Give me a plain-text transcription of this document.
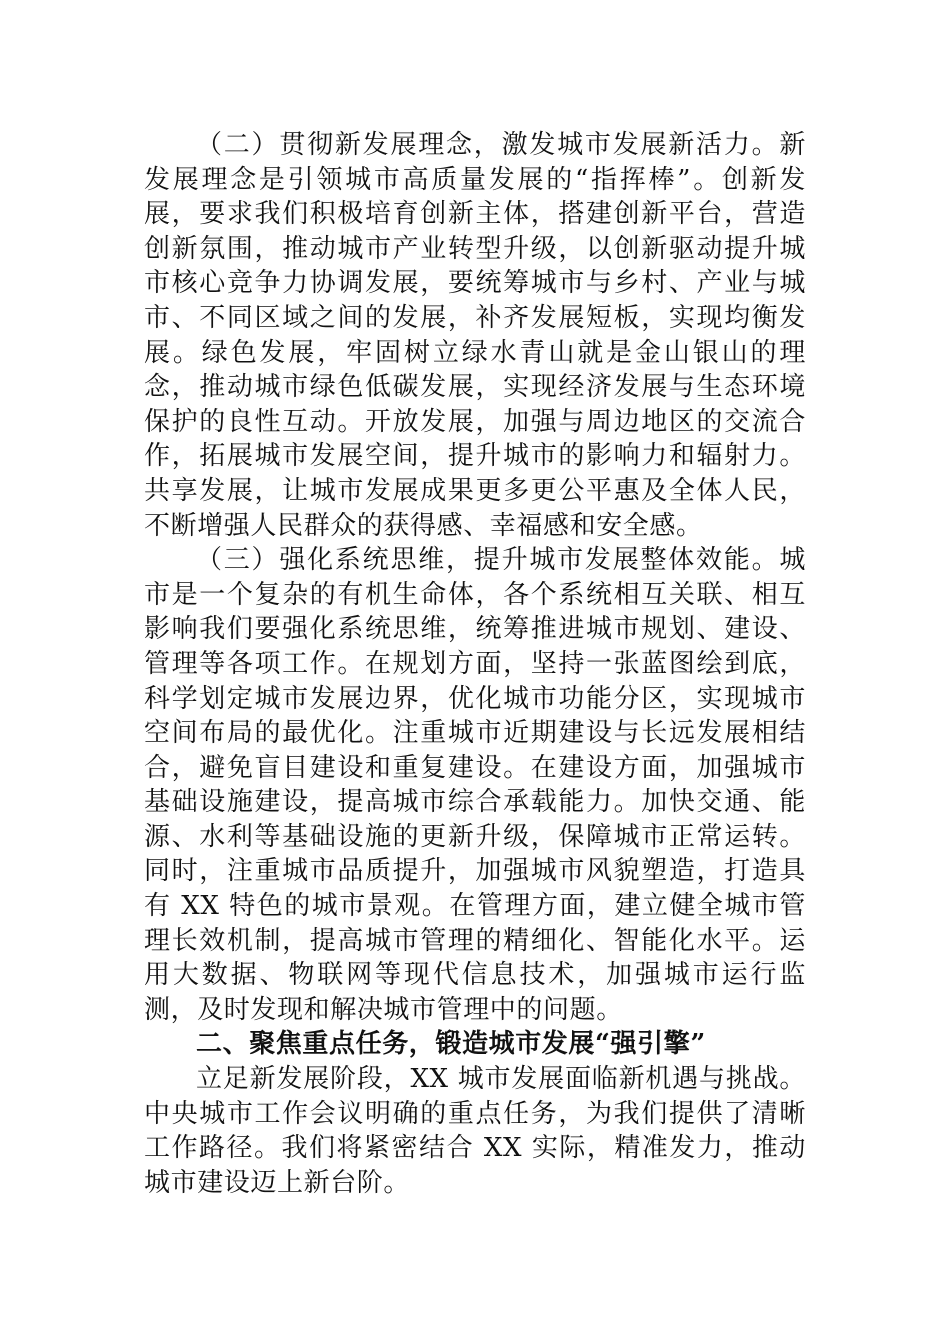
（二）贯彻新发展理念，激发城市发展新活力。新发展理念是引领城市高质量发展的“指挥棒”。创新发展，要求我们积极培育创新主体，搭建创新平台，营造创新氛围，推动城市产业转型升级，以创新驱动提升城市核心竞争力协调发展，要统筹城市与乡村、产业与城市、不同区域之间的发展，补齐发展短板，实现均衡发展。绿色发展，牢固树立绿水青山就是金山银山的理念，推动城市绿色低碳发展，实现经济发展与生态环境保护的良性互动。开放发展，加强与周边地区的交流合作，拓展城市发展空间，提升城市的影响力和辐射力。共享发展，让城市发展成果更多更公平惠及全体人民，不断增强人民群众的获得感、幸福感和安全感。

（三）强化系统思维，提升城市发展整体效能。城市是一个复杂的有机生命体，各个系统相互关联、相互影响我们要强化系统思维，统筹推进城市规划、建设、管理等各项工作。在规划方面，坚持一张蓝图绘到底，科学划定城市发展边界，优化城市功能分区，实现城市空间布局的最优化。注重城市近期建设与长远发展相结合，避免盲目建设和重复建设。在建设方面，加强城市基础设施建设，提高城市综合承载能力。加快交通、能源、水利等基础设施的更新升级，保障城市正常运转。同时，注重城市品质提升，加强城市风貌塑造，打造具有 XX 特色的城市景观。在管理方面，建立健全城市管理长效机制，提高城市管理的精细化、智能化水平。运用大数据、物联网等现代信息技术，加强城市运行监测，及时发现和解决城市管理中的问题。

二、聚焦重点任务，锻造城市发展“强引擎”

立足新发展阶段，XX 城市发展面临新机遇与挑战。中央城市工作会议明确的重点任务，为我们提供了清晰工作路径。我们将紧密结合 XX 实际，精准发力，推动城市建设迈上新台阶。
